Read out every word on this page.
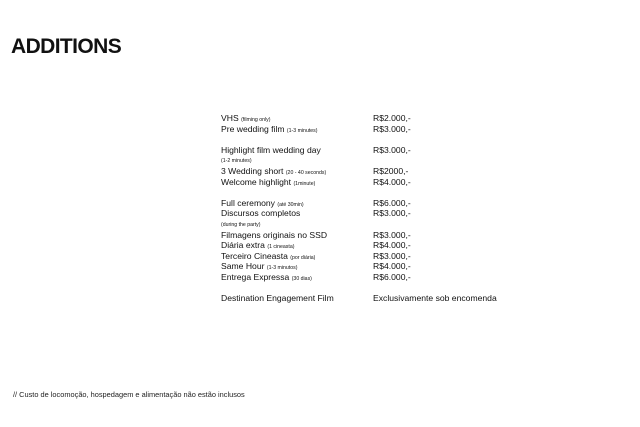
ADDITIONS
VHS (filming only)	R$2.000,-
Pre wedding film (1-3 minutes)	R$3.000,-
Highlight film wedding day	R$3.000,-
(1-2 minutes)
3 Wedding short (20 - 40 seconds)	R$2000,-
Welcome highlight (1minute)	R$4.000,-
Full ceremony (até 30min)	R$6.000,-
Discursos completos	R$3.000,-
(during the party)
Filmagens originais no SSD	R$3.000,-
Diária extra (1 cineasta)	R$4.000,-
Terceiro Cineasta (por diária)	R$3.000,-
Same Hour (1-3 minutos)	R$4.000,-
Entrega Expressa (30 dias)	R$6.000,-
Destination Engagement Film	Exclusivamente sob encomenda
// Custo de locomoção, hospedagem e alimentação não estão inclusos
